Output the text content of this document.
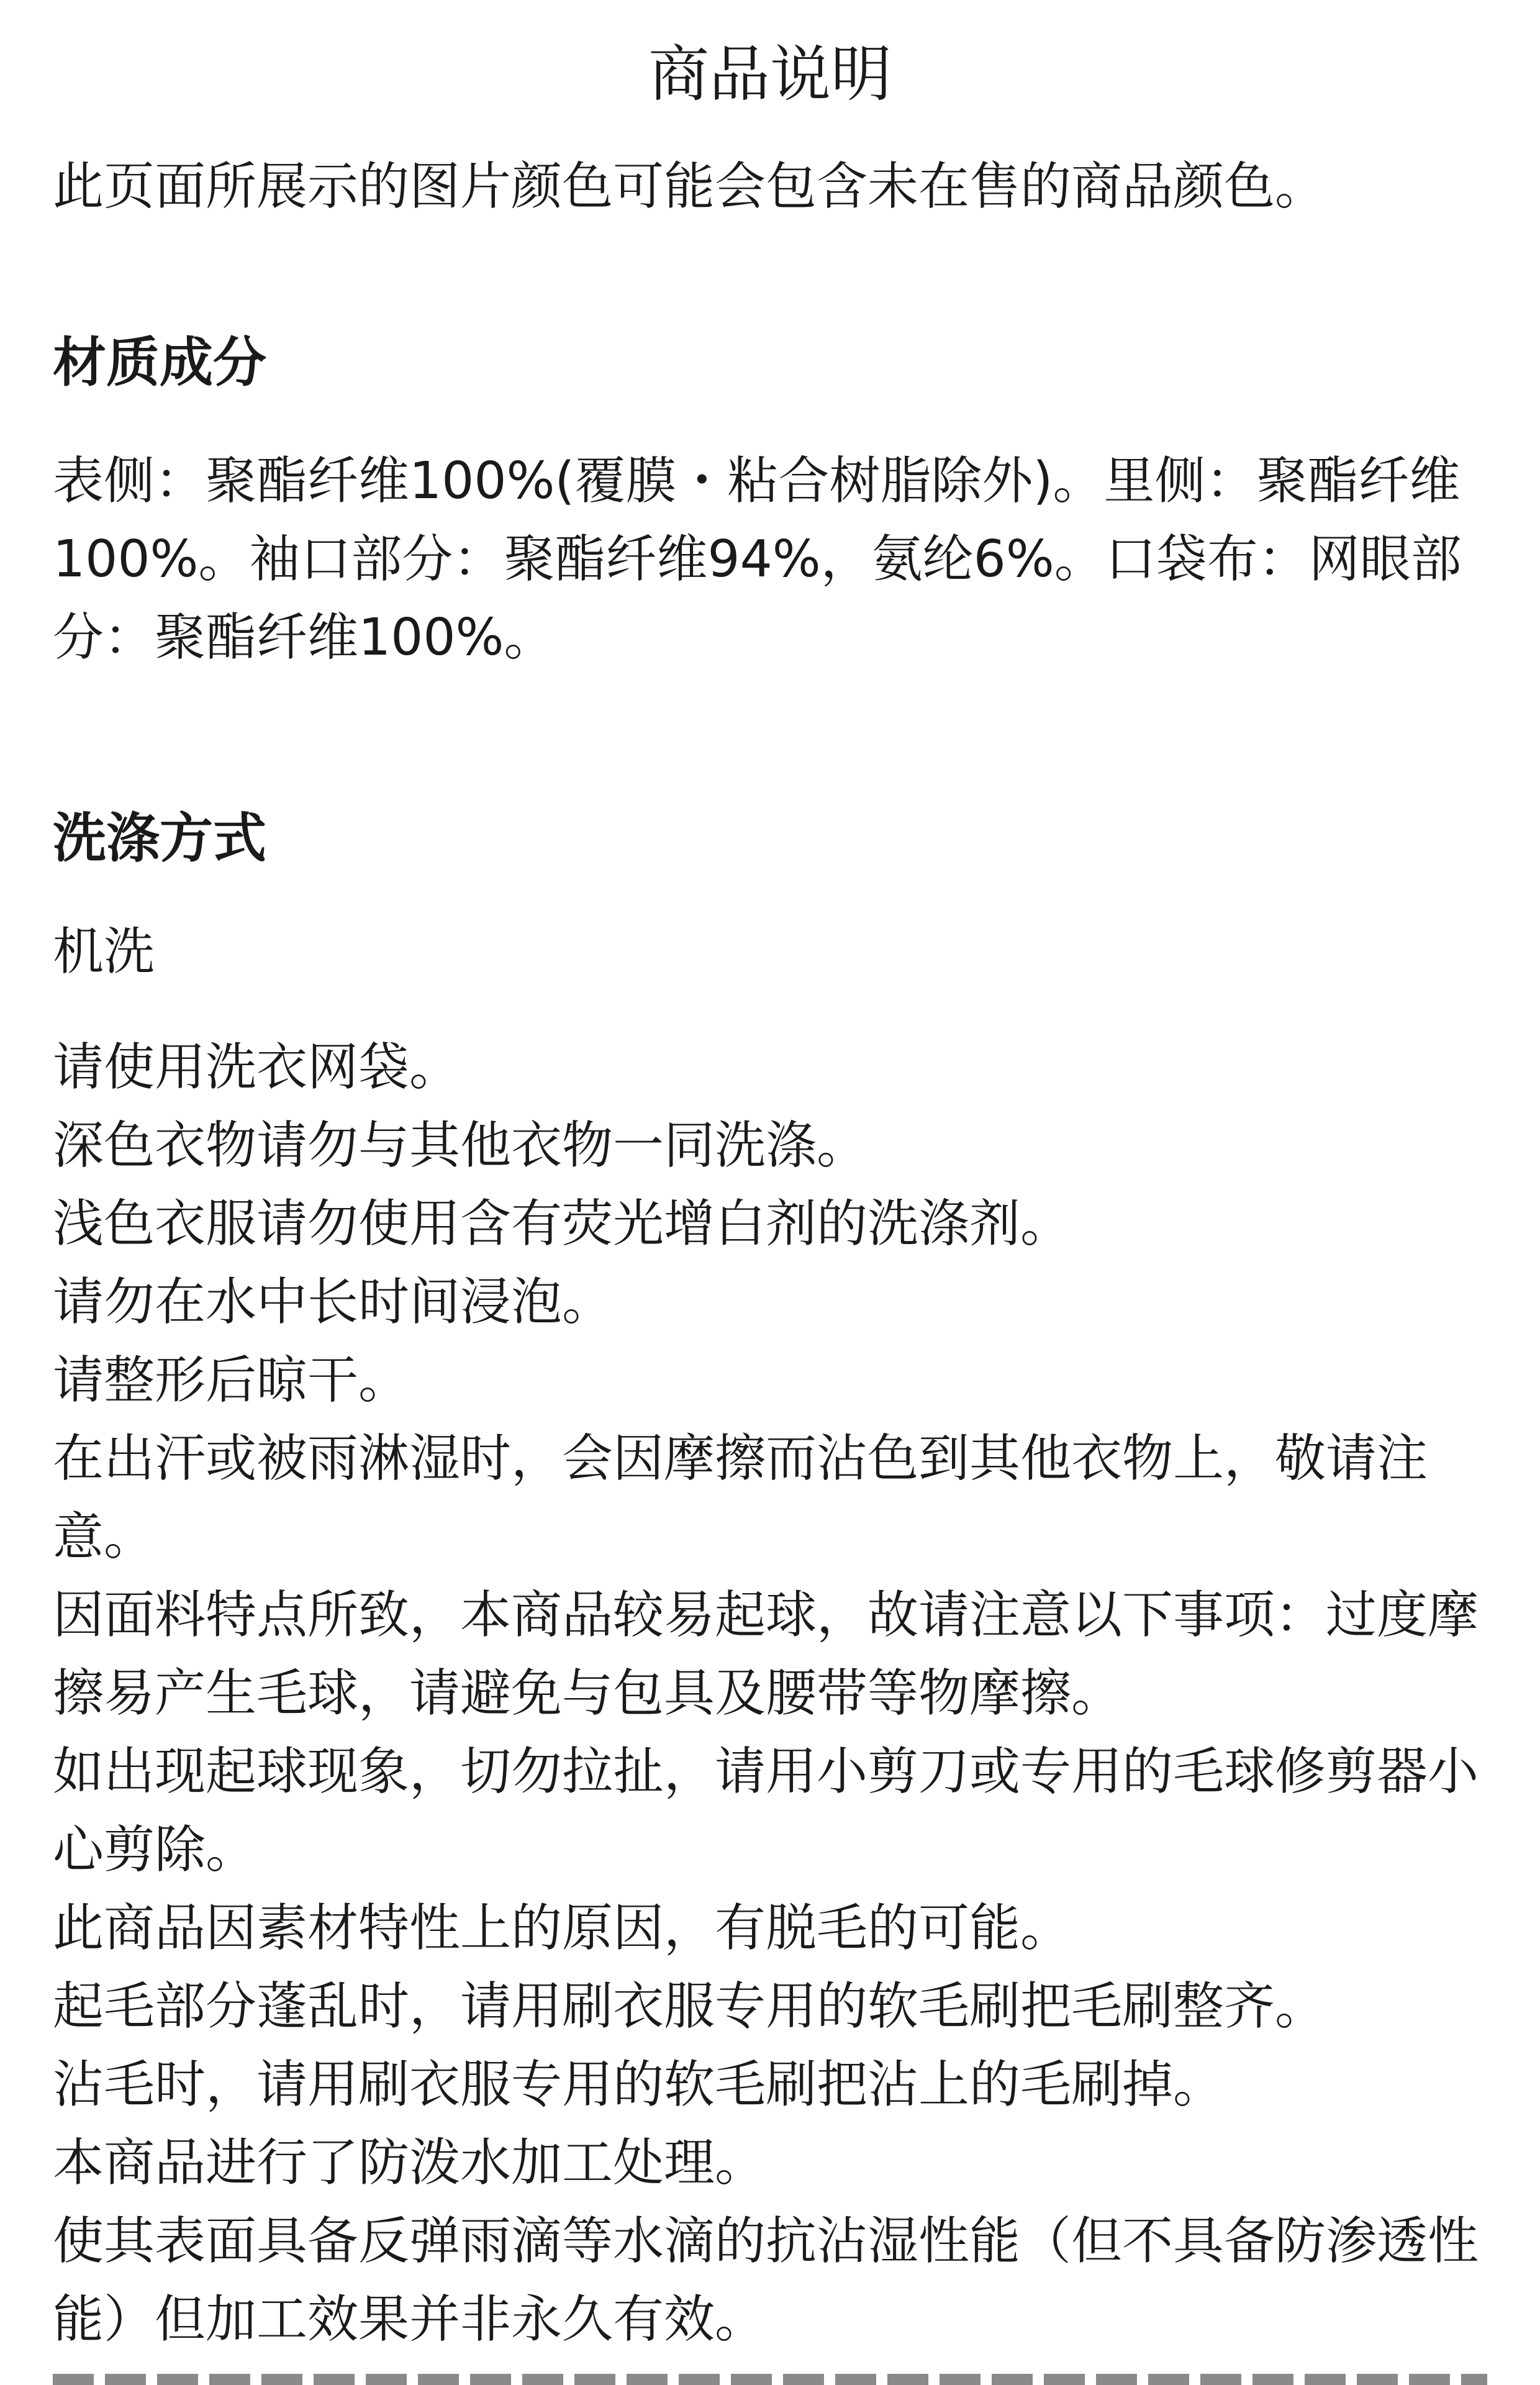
商品说明

此页面所展示的图片颜色可能会包含未在售的商品颜色。

材质成分

表侧：聚酯纤维100%(覆膜・粘合树脂除外)。里侧：聚酯纤维100%。袖口部分：聚酯纤维94%，氨纶6%。口袋布：网眼部分：聚酯纤维100%。

洗涤方式

机洗

请使用洗衣网袋。
深色衣物请勿与其他衣物一同洗涤。
浅色衣服请勿使用含有荧光增白剂的洗涤剂。
请勿在水中长时间浸泡。
请整形后晾干。
在出汗或被雨淋湿时，会因摩擦而沾色到其他衣物上，敬请注意。
因面料特点所致，本商品较易起球，故请注意以下事项：过度摩擦易产生毛球，请避免与包具及腰带等物摩擦。
如出现起球现象，切勿拉扯，请用小剪刀或专用的毛球修剪器小心剪除。
此商品因素材特性上的原因，有脱毛的可能。
起毛部分蓬乱时，请用刷衣服专用的软毛刷把毛刷整齐。
沾毛时，请用刷衣服专用的软毛刷把沾上的毛刷掉。
本商品进行了防泼水加工处理。
使其表面具备反弹雨滴等水滴的抗沾湿性能（但不具备防渗透性能）但加工效果并非永久有效。
